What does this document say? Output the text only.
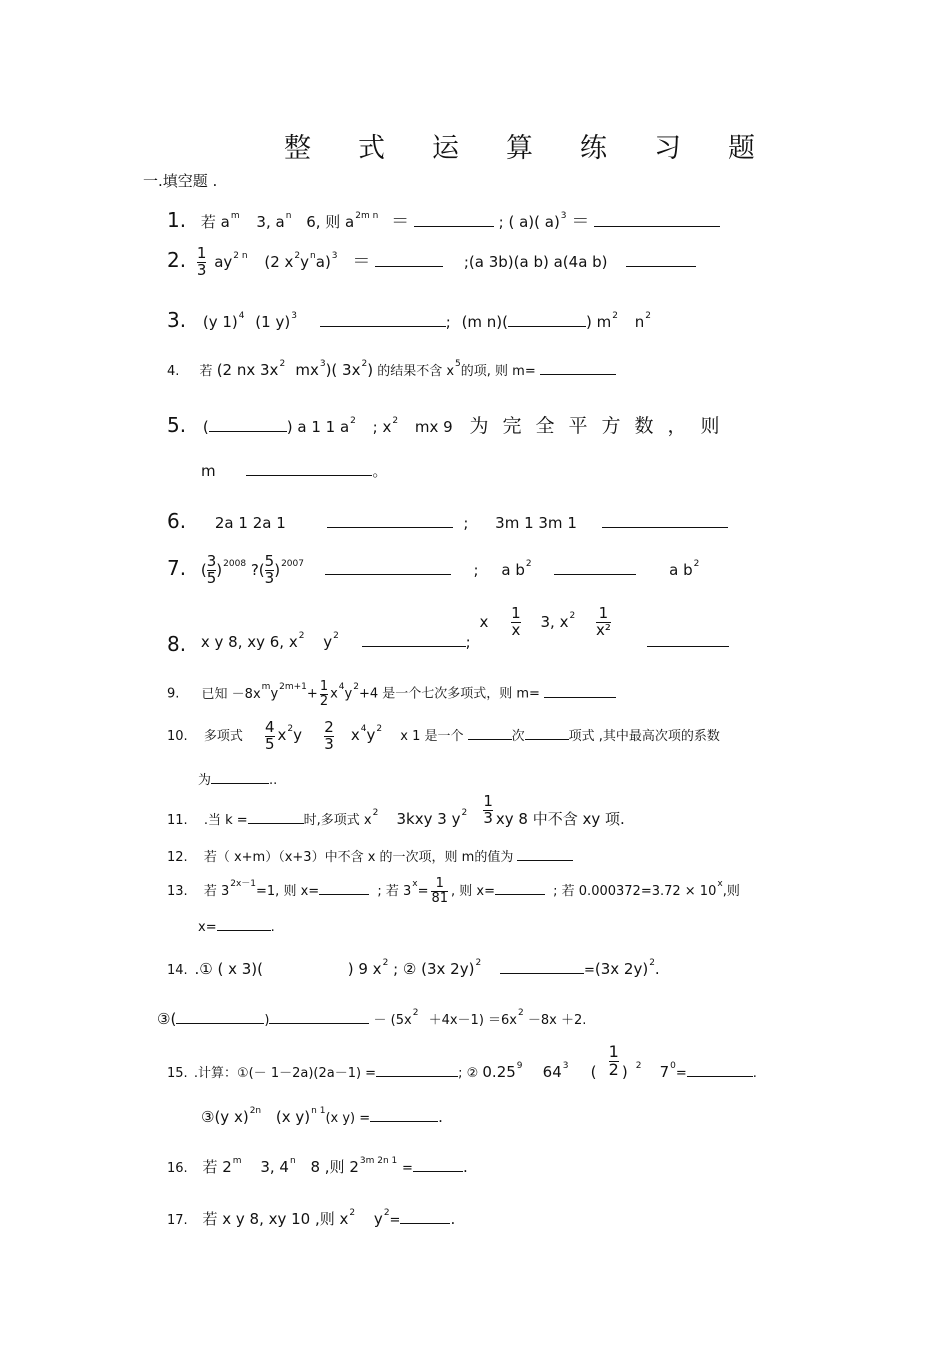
整 式 运 算 练 习 题
一.填空题 .
1. 若 $a^m$ 3, $a^n$ 6, 则 $a^{2m n}$ ＝	; ( a)( a)$^3$ ＝
2. $\frac{1}{3} ay^{2 n}$ (2 $x^2y^na)^3$ ＝	;(a 3b)(a b) a(4a b)
3. (y 1)$^4$ (1 y)$^3$	; (m n)(	) $m^2$ $n^2$
4. 若 (2 nx $3x^2$ $mx^3$)( $3x^2$) 的结果不含 $x^5$的项, 则 m=
5. (	) a 1 1 $a^2$ ; $x^2$ mx 9 为完全平方数，则
m	。
6. 2a 1 2a 1	; 3m 1 3m 1
7. ( $\frac{3}{5} )^{2008}$ ?( $\frac{5}{3} )^{2007}$	; a $b^2$	a $b^2$
8. x y 8, xy 6, $x^2$ $y^2$	; x $\frac{1}{x} 3$, $x^2 \frac{1}{\text{x²}}$

9. 已知 $-8x^my^{2m+1}+ \frac{1}{2} x^4y^2+4$ 是一个七次多项式，则 m=
10. 多项式 $\frac{4}{5} x^2y \frac{2}{3} x^4y^2$ x 1 是一个	次	项式 ,其中最高次项的系数
为	..
11. .当 k =	时,多项式 $x^2$ 3kxy 3 $y^2 \frac{1}{3}$ xy 8 中不含 xy 项.
12. 若（ x+m）（x+3）中不含 x 的一次项，则 m的值为
13. 若 $3^{2x-1}=1$, 则 x=	; 若 $3^x= \frac{1}{81}$ , 则 x=	; 若 $0.000372=3.72 \times 10^x$,则
x=	.
14. .① ( x 3)(	) 9 $x^2$ ; ② (3x 2y)$^2$	=(3x 2y)$^2$.
③(	)	－ $(5x^2 +4x-1) =6x^2 -8x +2$.
15. .计算：①(－ 1－2a)(2a－1) =	; ② 0.25$^9$ $64^3$ ( $\frac{1}{2}$ ) $^2$ $7^0=$	.
③(y x)$^{2n}$ (x y)$^{n 1}$(x y) =	.
16. 若 2$^m$ 3, 4$^n$ 8 ,则 $2^{3m 2n 1}$ =	.
17. 若 x y 8, xy 10 ,则 $x^2$ $y^2=$	.
